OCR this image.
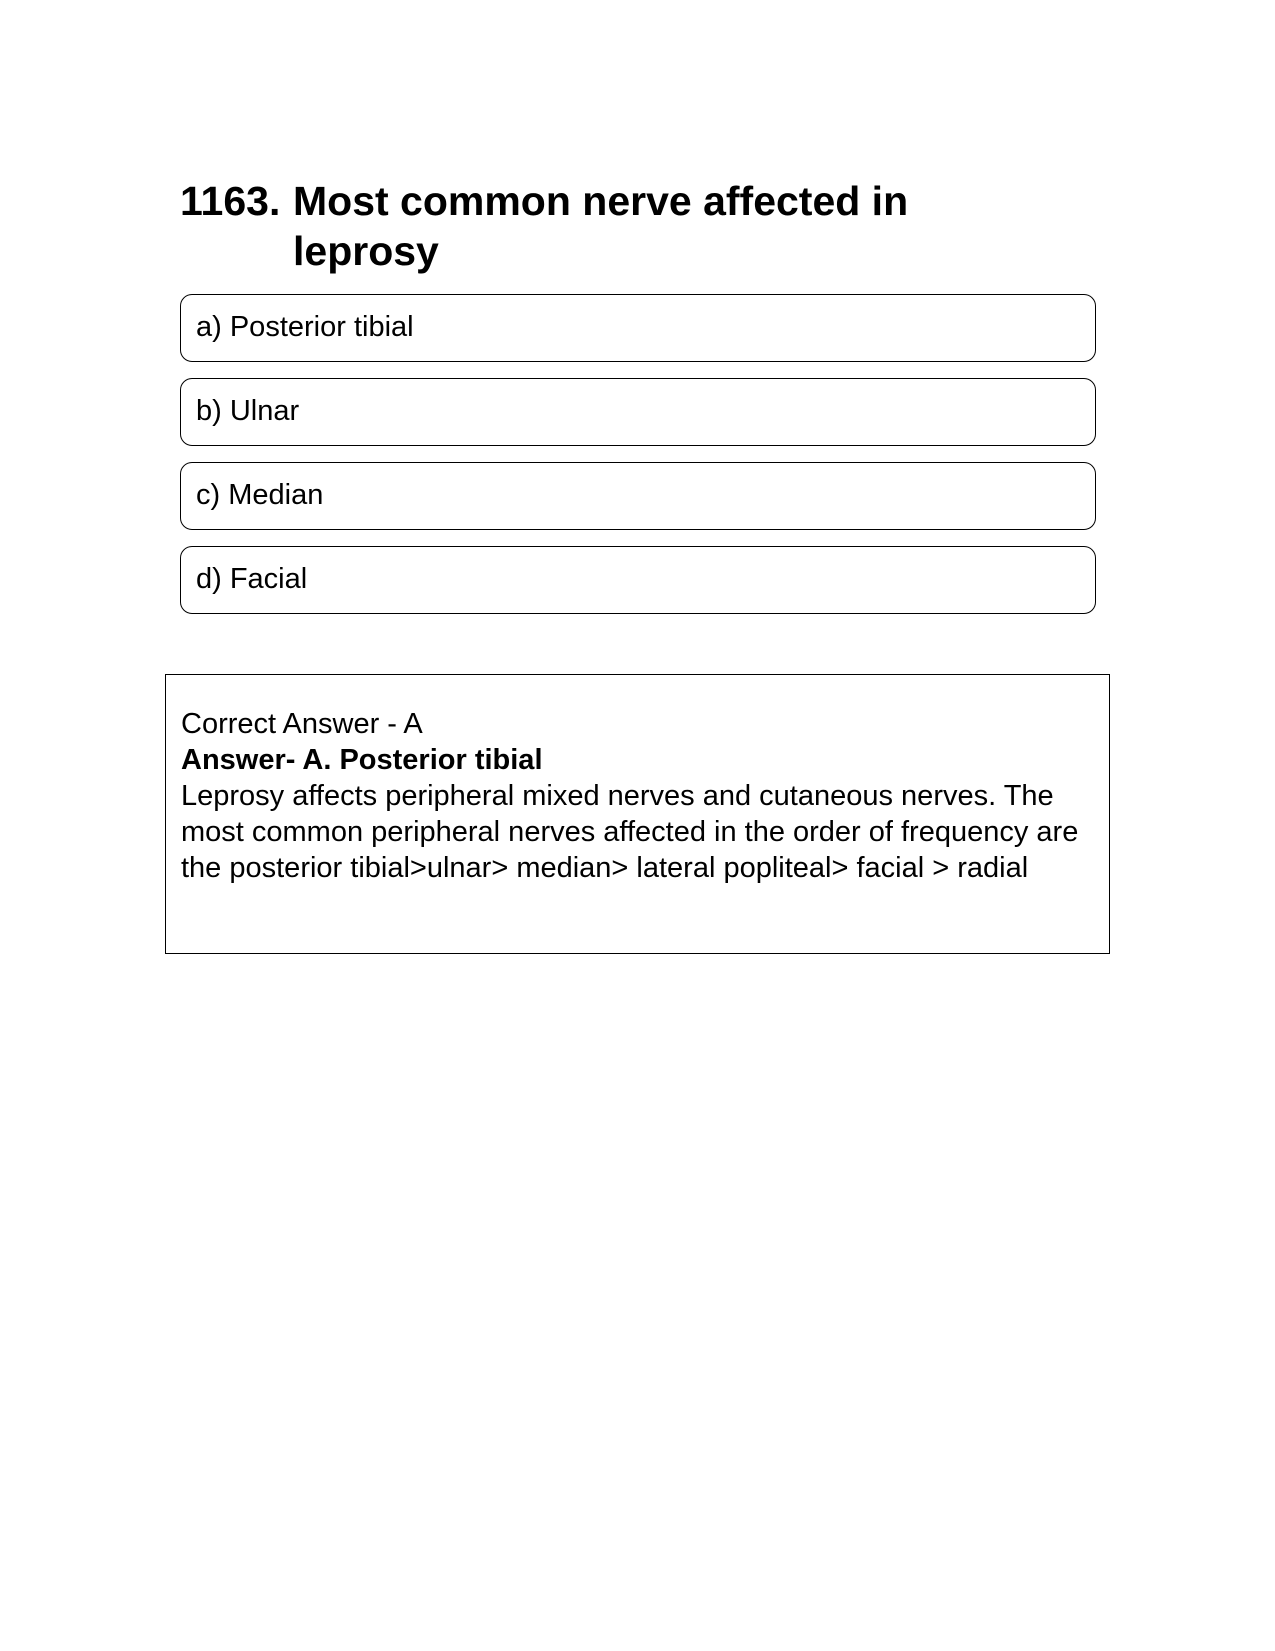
1163. Most common nerve affected in leprosy
a) Posterior tibial
b) Ulnar
c) Median
d) Facial

Correct Answer - A

Answer- A. Posterior tibial

Leprosy affects peripheral mixed nerves and cutaneous nerves. The most common peripheral nerves affected in the order of frequency are the posterior tibial>ulnar> median> lateral popliteal> facial > radial
